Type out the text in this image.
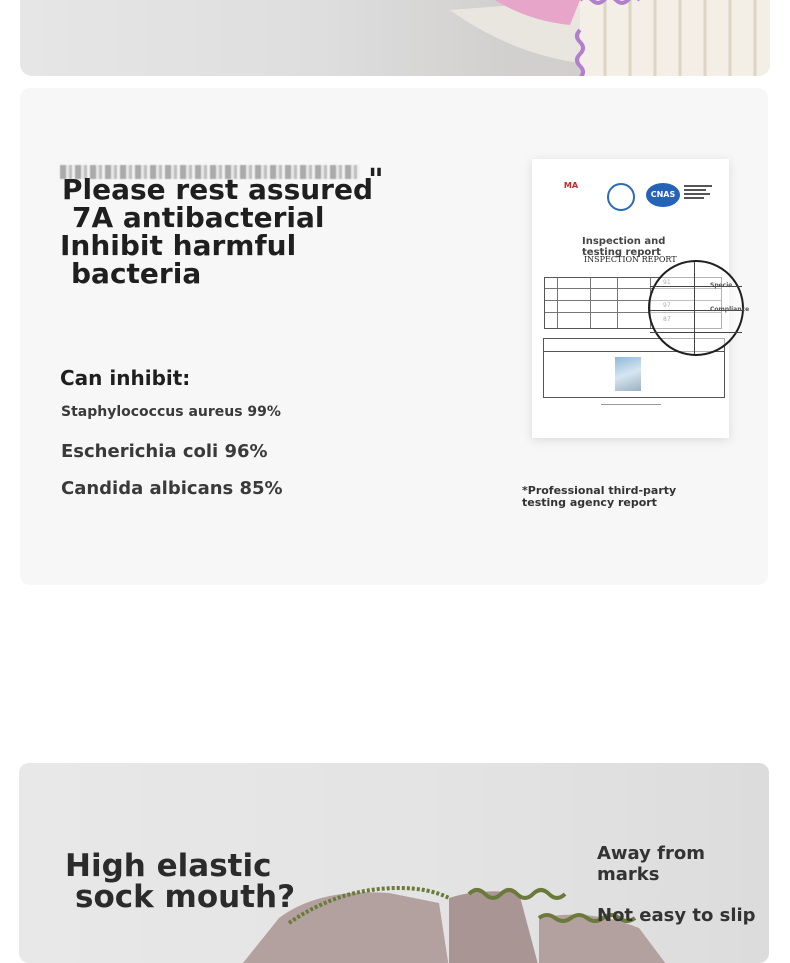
"
Please rest assured
7A antibacterial
Inhibit harmful
bacteria
Can inhibit:
Staphylococcus aureus 99%
Escherichia coli 96%
Candida albicans 85%
MA
CNAS
Inspection and testing report
INSPECTION REPORT
Specie
Compliance
*Professional third-party testing agency report
High elastic
sock mouth?
Away from marks
Not easy to slip
